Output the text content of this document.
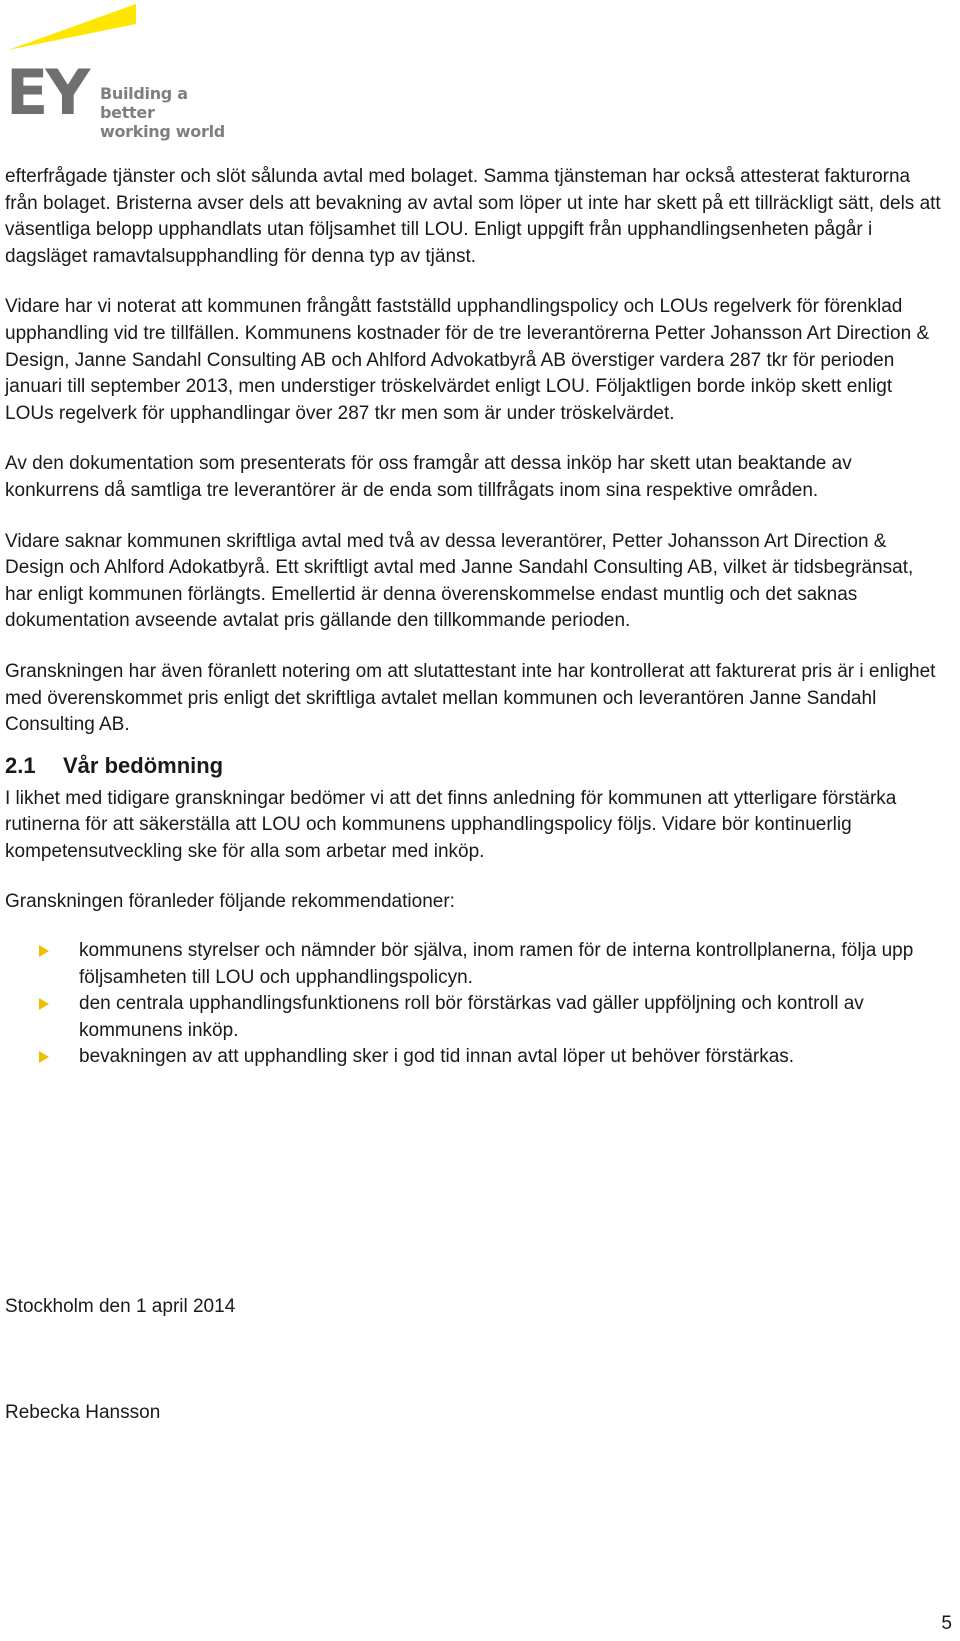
EY Building a better
working world

efterfrågade tjänster och slöt sålunda avtal med bolaget. Samma tjänsteman har också attesterat fakturorna från bolaget. Bristerna avser dels att bevakning av avtal som löper ut inte har skett på ett tillräckligt sätt, dels att väsentliga belopp upphandlats utan följsamhet till LOU. Enligt uppgift från upphandlingsenheten pågår i dagsläget ramavtalsupphandling för denna typ av tjänst.

Vidare har vi noterat att kommunen frångått fastställd upphandlingspolicy och LOUs regelverk för förenklad upphandling vid tre tillfällen. Kommunens kostnader för de tre leverantörerna Petter Johansson Art Direction & Design, Janne Sandahl Consulting AB och Ahlford Advokatbyrå AB överstiger vardera 287 tkr för perioden januari till september 2013, men understiger tröskelvärdet enligt LOU. Följaktligen borde inköp skett enligt LOUs regelverk för upphandlingar över 287 tkr men som är under tröskelvärdet.

Av den dokumentation som presenterats för oss framgår att dessa inköp har skett utan beaktande av konkurrens då samtliga tre leverantörer är de enda som tillfrågats inom sina respektive områden.

Vidare saknar kommunen skriftliga avtal med två av dessa leverantörer, Petter Johansson Art Direction & Design och Ahlford Adokatbyrå. Ett skriftligt avtal med Janne Sandahl Consulting AB, vilket är tidsbegränsat, har enligt kommunen förlängts. Emellertid är denna överenskommelse endast muntlig och det saknas dokumentation avseende avtalat pris gällande den tillkommande perioden.

Granskningen har även föranlett notering om att slutattestant inte har kontrollerat att fakturerat pris är i enlighet med överenskommet pris enligt det skriftliga avtalet mellan kommunen och leverantören Janne Sandahl Consulting AB.

2.1 Vår bedömning

I likhet med tidigare granskningar bedömer vi att det finns anledning för kommunen att ytterligare förstärka rutinerna för att säkerställa att LOU och kommunens upphandlingspolicy följs. Vidare bör kontinuerlig kompetensutveckling ske för alla som arbetar med inköp.

Granskningen föranleder följande rekommendationer:

kommunens styrelser och nämnder bör själva, inom ramen för de interna kontrollplanerna, följa upp följsamheten till LOU och upphandlingspolicyn.
den centrala upphandlingsfunktionens roll bör förstärkas vad gäller uppföljning och kontroll av kommunens inköp.
bevakningen av att upphandling sker i god tid innan avtal löper ut behöver förstärkas.
Stockholm den 1 april 2014
Rebecka Hansson
5
